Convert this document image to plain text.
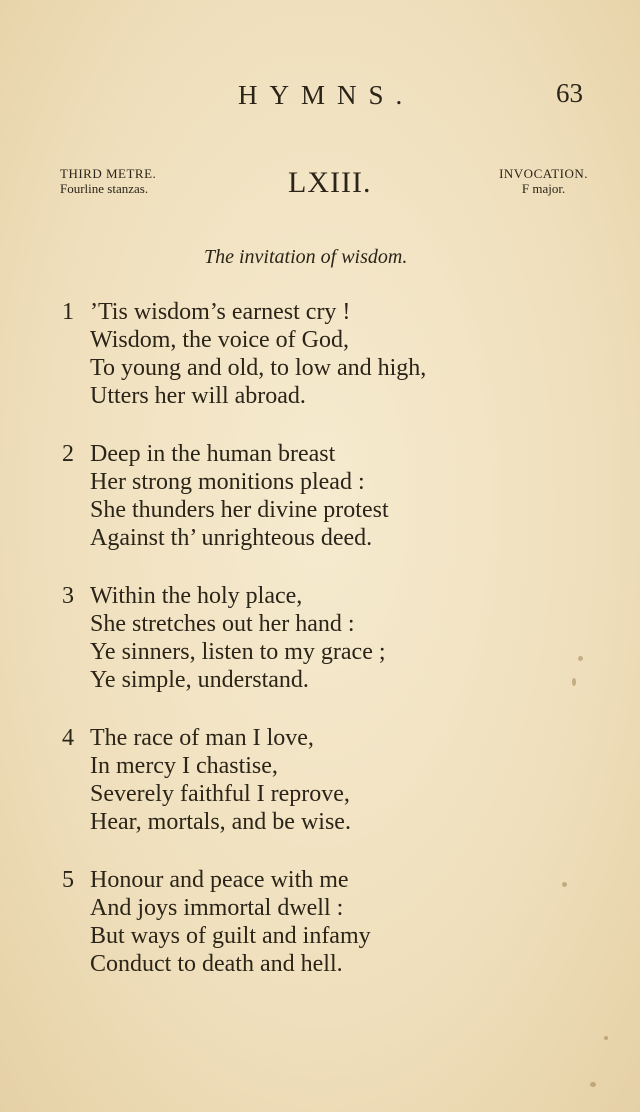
HYMNS.	63
THIRD METRE.
Fourline stanzas.	LXIII.	INVOCATION.
F major.
The invitation of wisdom.
1 ’Tis wisdom’s earnest cry !
Wisdom, the voice of God,
To young and old, to low and high,
Utters her will abroad.
2 Deep in the human breast
Her strong monitions plead :
She thunders her divine protest
Against th’ unrighteous deed.
3 Within the holy place,
She stretches out her hand :
Ye sinners, listen to my grace ;
Ye simple, understand.
4 The race of man I love,
In mercy I chastise,
Severely faithful I reprove,
Hear, mortals, and be wise.
5 Honour and peace with me
And joys immortal dwell :
But ways of guilt and infamy
Conduct to death and hell.
